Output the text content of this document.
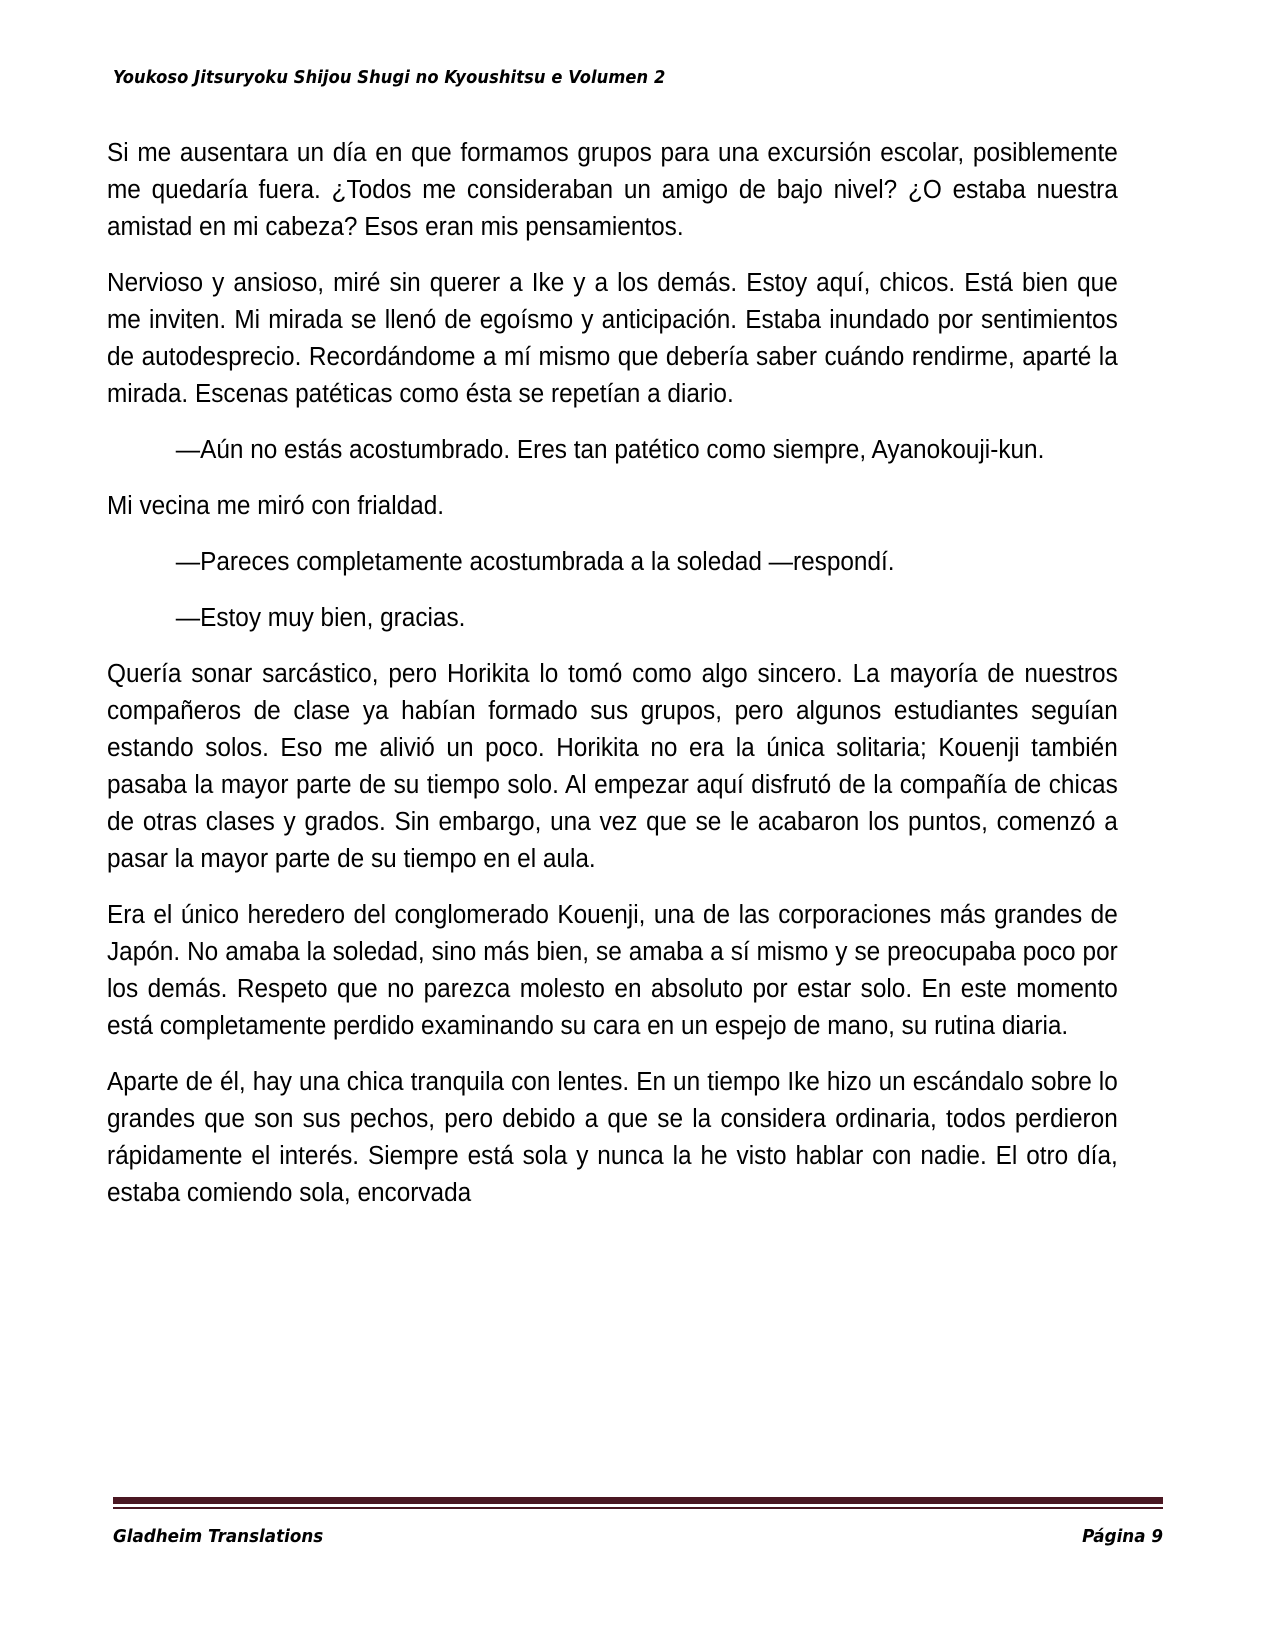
Youkoso Jitsuryoku Shijou Shugi no Kyoushitsu e Volumen 2

Si me ausentara un día en que formamos grupos para una excursión escolar, posiblemente me quedaría fuera. ¿Todos me consideraban un amigo de bajo nivel? ¿O estaba nuestra amistad en mi cabeza? Esos eran mis pensamientos.

Nervioso y ansioso, miré sin querer a Ike y a los demás. Estoy aquí, chicos. Está bien que me inviten. Mi mirada se llenó de egoísmo y anticipación. Estaba inundado por sentimientos de autodesprecio. Recordándome a mí mismo que debería saber cuándo rendirme, aparté la mirada. Escenas patéticas como ésta se repetían a diario.

—Aún no estás acostumbrado. Eres tan patético como siempre, Ayanokouji-kun.

Mi vecina me miró con frialdad.

—Pareces completamente acostumbrada a la soledad —respondí.

—Estoy muy bien, gracias.

Quería sonar sarcástico, pero Horikita lo tomó como algo sincero. La mayoría de nuestros compañeros de clase ya habían formado sus grupos, pero algunos estudiantes seguían estando solos. Eso me alivió un poco. Horikita no era la única solitaria; Kouenji también pasaba la mayor parte de su tiempo solo. Al empezar aquí disfrutó de la compañía de chicas de otras clases y grados. Sin embargo, una vez que se le acabaron los puntos, comenzó a pasar la mayor parte de su tiempo en el aula.

Era el único heredero del conglomerado Kouenji, una de las corporaciones más grandes de Japón. No amaba la soledad, sino más bien, se amaba a sí mismo y se preocupaba poco por los demás. Respeto que no parezca molesto en absoluto por estar solo. En este momento está completamente perdido examinando su cara en un espejo de mano, su rutina diaria.

Aparte de él, hay una chica tranquila con lentes. En un tiempo Ike hizo un escándalo sobre lo grandes que son sus pechos, pero debido a que se la considera ordinaria, todos perdieron rápidamente el interés. Siempre está sola y nunca la he visto hablar con nadie. El otro día, estaba comiendo sola, encorvada

Gladheim Translations	Página 9
